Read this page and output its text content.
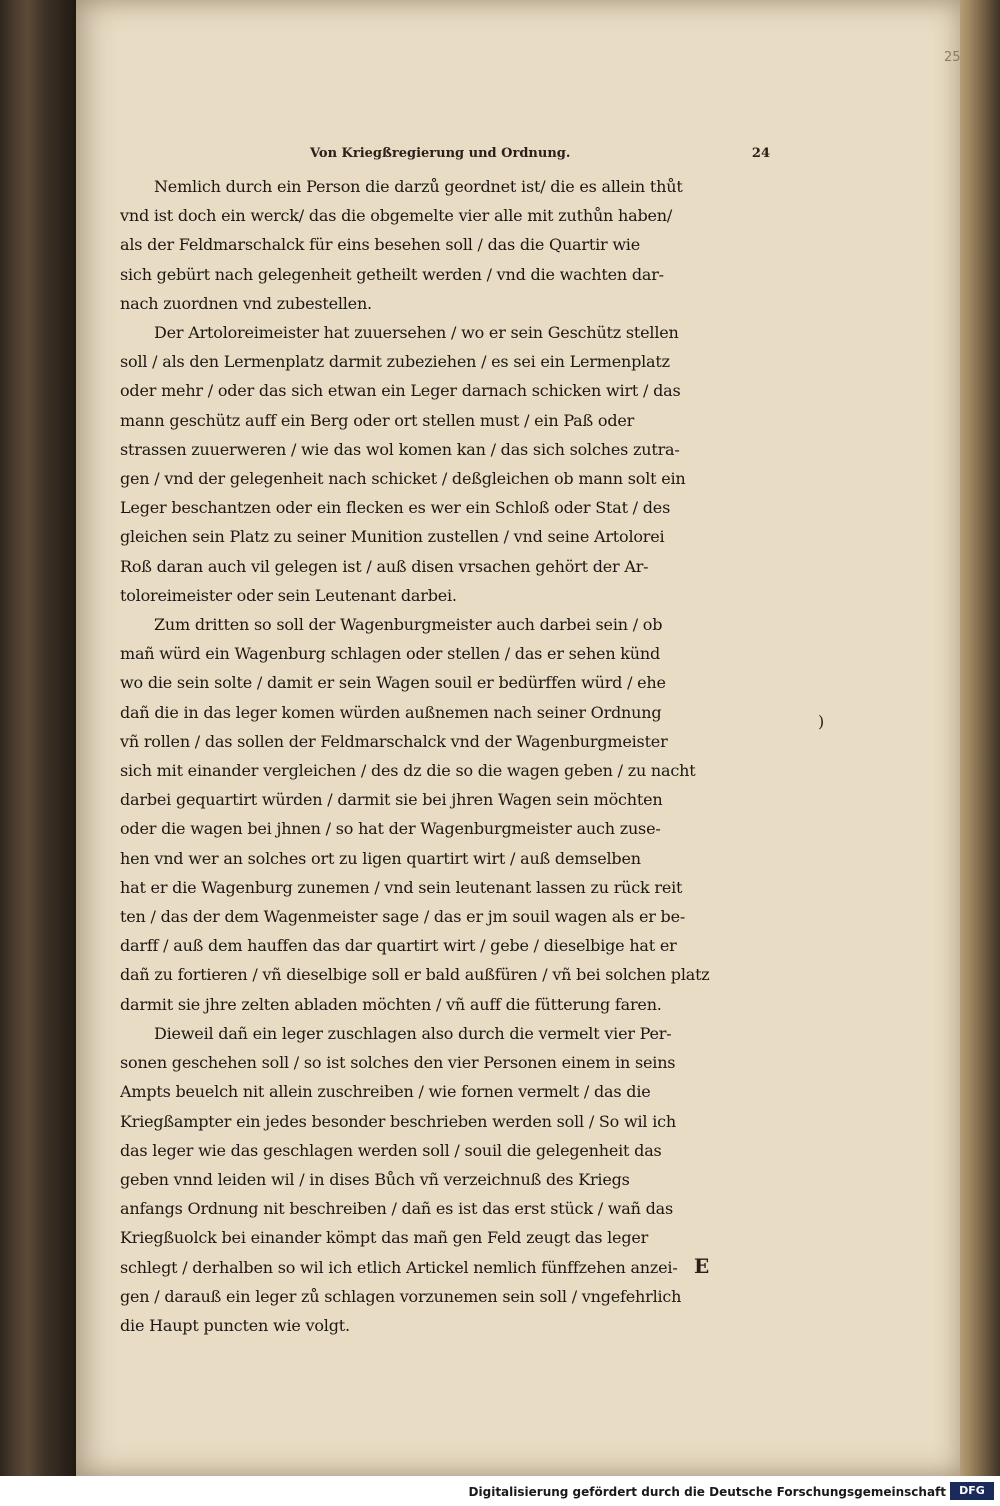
25
Von Kriegßregierung und Ordnung.	24
Nemlich durch ein Person die darzů geordnet ist/ die es allein thůt
vnd ist doch ein werck/ das die obgemelte vier alle mit zuthůn haben/
als der Feldmarschalck für eins besehen soll / das die Quartir wie
sich gebürt nach gelegenheit getheilt werden / vnd die wachten dar-
nach zuordnen vnd zubestellen.
Der Artoloreimeister hat zuuersehen / wo er sein Geschütz stellen
soll / als den Lermenplatz darmit zubeziehen / es sei ein Lermenplatz
oder mehr / oder das sich etwan ein Leger darnach schicken wirt / das
mann geschütz auff ein Berg oder ort stellen must / ein Paß oder
strassen zuuerweren / wie das wol komen kan / das sich solches zutra-
gen / vnd der gelegenheit nach schicket / deßgleichen ob mann solt ein
Leger beschantzen oder ein flecken es wer ein Schloß oder Stat / des
gleichen sein Platz zu seiner Munition zustellen / vnd seine Artolorei
Roß daran auch vil gelegen ist / auß disen vrsachen gehört der Ar-
toloreimeister oder sein Leutenant darbei.
Zum dritten so soll der Wagenburgmeister auch darbei sein / ob
mañ würd ein Wagenburg schlagen oder stellen / das er sehen künd
wo die sein solte / damit er sein Wagen souil er bedürffen würd / ehe
dañ die in das leger komen würden außnemen nach seiner Ordnung
vñ rollen / das sollen der Feldmarschalck vnd der Wagenburgmeister
sich mit einander vergleichen / des dz die so die wagen geben / zu nacht
darbei gequartirt würden / darmit sie bei jhren Wagen sein möchten
oder die wagen bei jhnen / so hat der Wagenburgmeister auch zuse-
hen vnd wer an solches ort zu ligen quartirt wirt / auß demselben
hat er die Wagenburg zunemen / vnd sein leutenant lassen zu rück reit
ten / das der dem Wagenmeister sage / das er jm souil wagen als er be-
darff / auß dem hauffen das dar quartirt wirt / gebe / dieselbige hat er
dañ zu fortieren / vñ dieselbige soll er bald außfüren / vñ bei solchen platz
darmit sie jhre zelten abladen möchten / vñ auff die fütterung faren.
Dieweil dañ ein leger zuschlagen also durch die vermelt vier Per-
sonen geschehen soll / so ist solches den vier Personen einem in seins
Ampts beuelch nit allein zuschreiben / wie fornen vermelt / das die
Kriegßampter ein jedes besonder beschrieben werden soll / So wil ich
das leger wie das geschlagen werden soll / souil die gelegenheit das
geben vnnd leiden wil / in dises Bůch vñ verzeichnuß des Kriegs
anfangs Ordnung nit beschreiben / dañ es ist das erst stück / wañ das
Kriegßuolck bei einander kömpt das mañ gen Feld zeugt das leger
schlegt / derhalben so wil ich etlich Artickel nemlich fünffzehen anzei-
gen / darauß ein leger zů schlagen vorzunemen sein soll / vngefehrlich
die Haupt puncten wie volgt.
)
E
Digitalisierung gefördert durch die Deutsche Forschungsgemeinschaft	DFG
